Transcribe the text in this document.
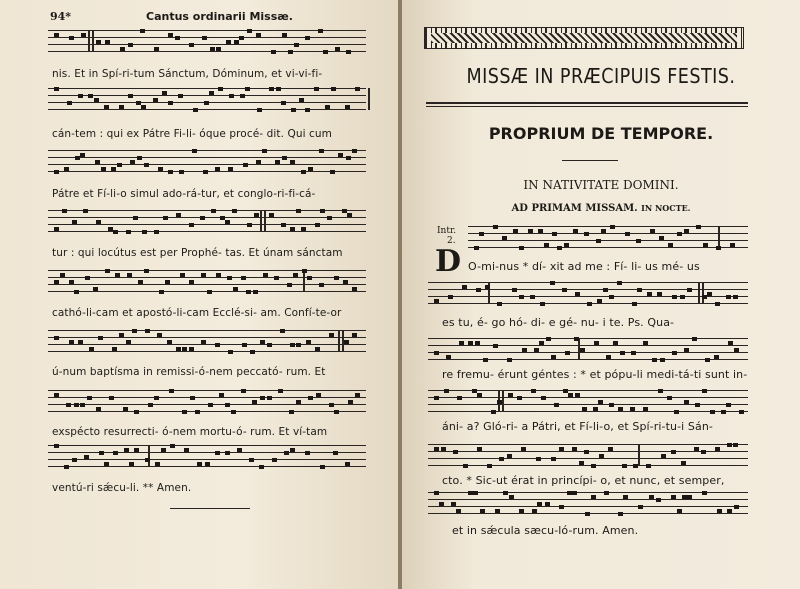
94*	Cantus ordinarii Missæ.
nis. Et in Spí-ri-tum Sánctum, Dóminum, et vi-vi-fi-
cán-tem : qui ex Pátre Fi-li- óque procé- dit. Qui cum
Pátre et Fí-li-o simul ado-rá-tur, et conglo-ri-fi-cá-
tur : qui locútus est per Prophé- tas. Et únam sánctam
cathó-li-cam et apostó-li-cam Ecclé-si- am. Confí-te-or
ú-num baptísma in remissi-ó-nem peccató- rum. Et
exspécto resurrecti- ó-nem mortu-ó- rum. Et ví-tam
ventú-ri sǽcu-li. ** Amen.
O-mi-nus * dí- xit ad me : Fí- li- us mé- us
es tu, é- go hó- di- e gé- nu- i te. Ps. Qua-
re fremu- érunt géntes : * et pópu-li medi-tá-ti sunt in-
áni- a? Gló-ri- a Pátri, et Fí-li-o, et Spí-ri-tu-i Sán-
cto. * Sic-ut érat in princípi- o, et nunc, et semper,
et in sǽcula sæcu-ló-rum. Amen.
MISSÆ IN PRÆCIPUIS FESTIS.
PROPRIUM DE TEMPORE.
IN NATIVITATE DOMINI.
AD PRIMAM MISSAM. IN NOCTE.
Intr.
2.
D
